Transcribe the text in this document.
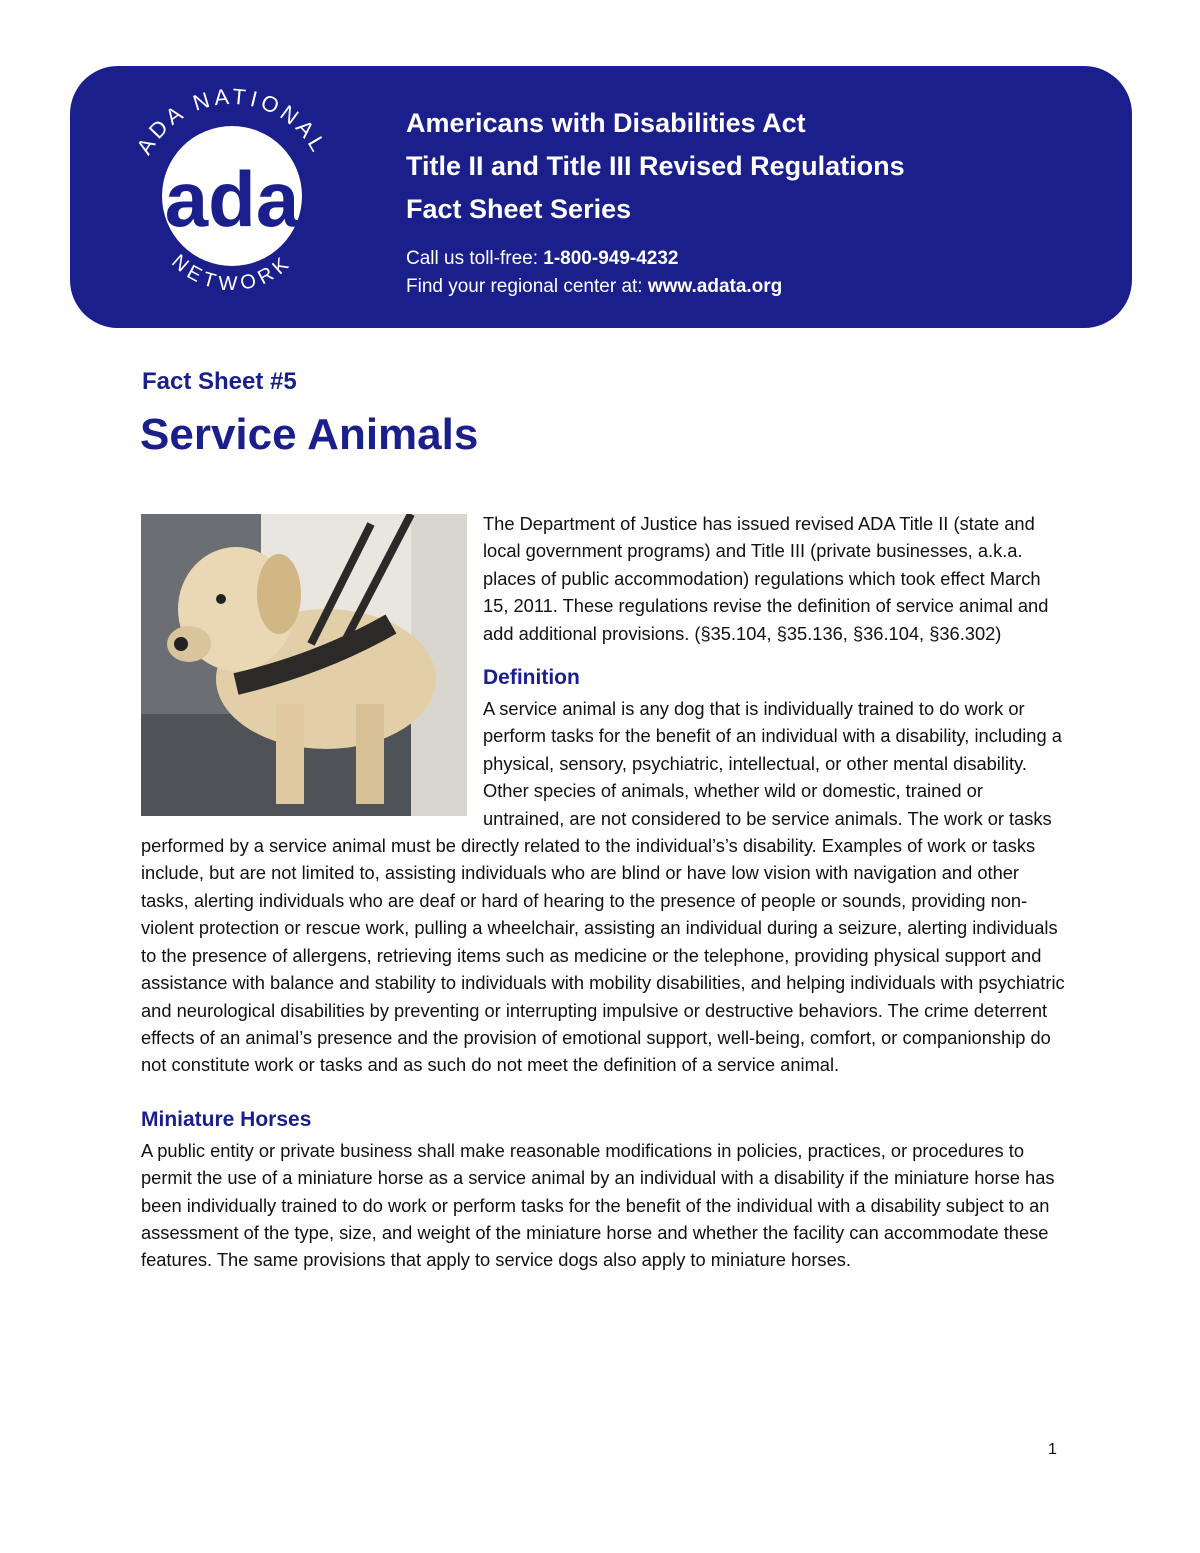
ADA NATIONAL
NETWORK
ada

Americans with Disabilities Act

Title II and Title III Revised Regulations

Fact Sheet Series

Call us toll-free: 1-800-949-4232
Find your regional center at: www.adata.org

Fact Sheet #5

Service Animals

The Department of Justice has issued revised ADA Title II (state and local government programs) and Title III (private businesses, a.k.a. places of public accommodation) regulations which took effect March 15, 2011. These regulations revise the definition of service animal and add additional provisions. (§35.104, §35.136, §36.104, §36.302)

Definition

A service animal is any dog that is individually trained to do work or perform tasks for the benefit of an individual with a disability, including a physical, sensory, psychiatric, intellectual, or other mental disability. Other species of animals, whether wild or domestic, trained or untrained, are not considered to be service animals. The work or tasks performed by a service animal must be directly related to the individual’s’s disability. Examples of work or tasks include, but are not limited to, assisting individuals who are blind or have low vision with navigation and other tasks, alerting individuals who are deaf or hard of hearing to the presence of people or sounds, providing non-violent protection or rescue work, pulling a wheelchair, assisting an individual during a seizure, alerting individuals to the presence of allergens, retrieving items such as medicine or the telephone, providing physical support and assistance with balance and stability to individuals with mobility disabilities, and helping individuals with psychiatric and neurological disabilities by preventing or interrupting impulsive or destructive behaviors. The crime deterrent effects of an animal’s presence and the provision of emotional support, well-being, comfort, or companionship do not constitute work or tasks and as such do not meet the definition of a service animal.

Miniature Horses

A public entity or private business shall make reasonable modifications in policies, practices, or procedures to permit the use of a miniature horse as a service animal by an individual with a disability if the miniature horse has been individually trained to do work or perform tasks for the benefit of the individual with a disability subject to an assessment of the type, size, and weight of the miniature horse and whether the facility can accommodate these features. The same provisions that apply to service dogs also apply to miniature horses.

1
